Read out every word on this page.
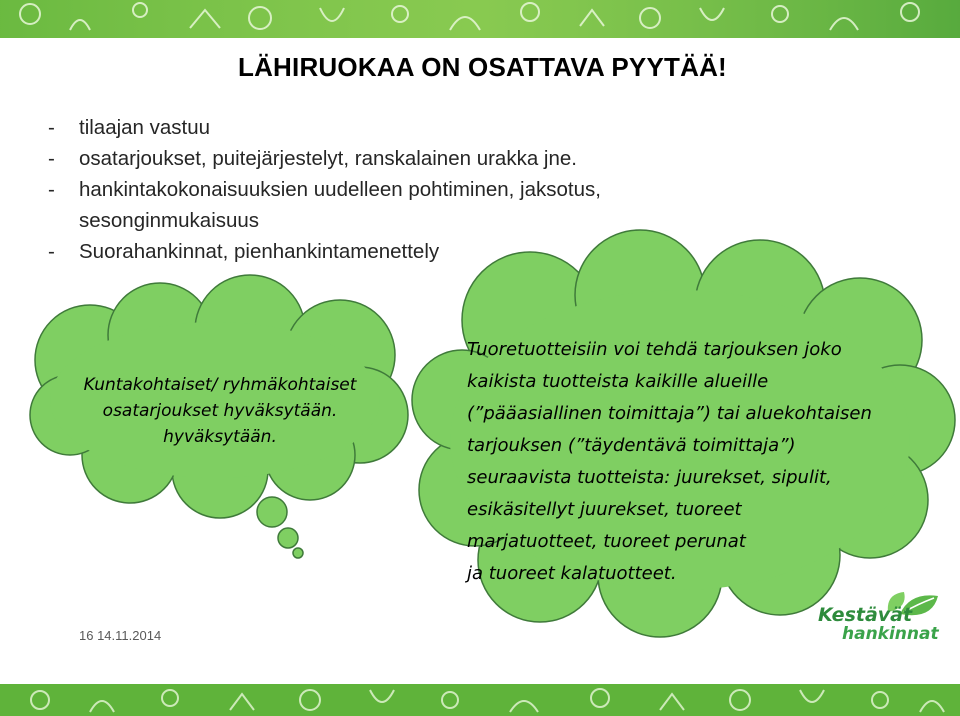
LÄHIRUOKAA ON OSATTAVA PYYTÄÄ!
-	tilaajan vastuu
-	osatarjoukset, puitejärjestelyt, ranskalainen urakka jne.
-	hankintakokonaisuuksien uudelleen pohtiminen, jaksotus,
sesonginmukaisuus
-	Suorahankinnat, pienhankintamenettely
Kuntakohtaiset/ ryhmäkohtaiset
osatarjoukset hyväksytään.
hyväksytään.
Tuoretuotteisiin voi tehdä tarjouksen joko
kaikista tuotteista kaikille alueille
(”pääasiallinen toimittaja”) tai aluekohtaisen
tarjouksen (”täydentävä toimittaja”)
seuraavista tuotteista: juurekset, sipulit,
esikäsitellyt juurekset, tuoreet
marjatuotteet, tuoreet perunat
ja tuoreet kalatuotteet.
16 14.11.2014
Kestävät
hankinnat
